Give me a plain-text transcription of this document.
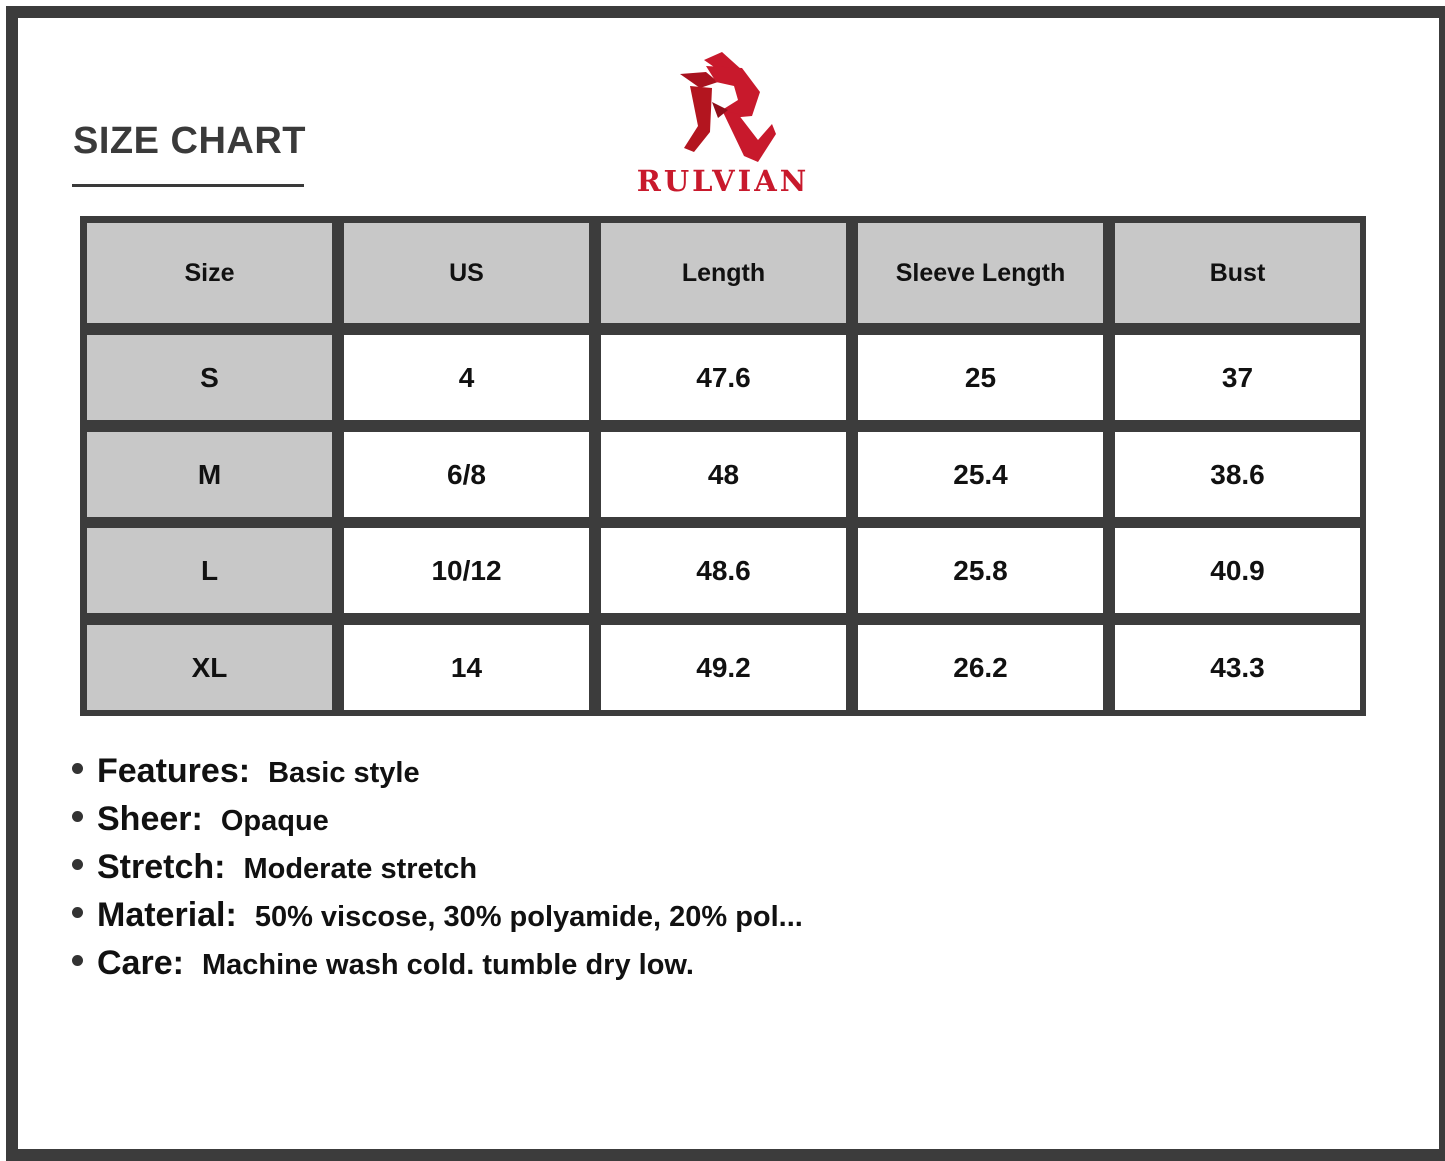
SIZE CHART
RULVIAN
Size	US	Length	Sleeve Length	Bust
S	4	47.6	25	37
M	6/8	48	25.4	38.6
L	10/12	48.6	25.8	40.9
XL	14	49.2	26.2	43.3
Features: Basic style
Sheer: Opaque
Stretch: Moderate stretch
Material: 50% viscose, 30% polyamide, 20% pol...
Care: Machine wash cold. tumble dry low.
